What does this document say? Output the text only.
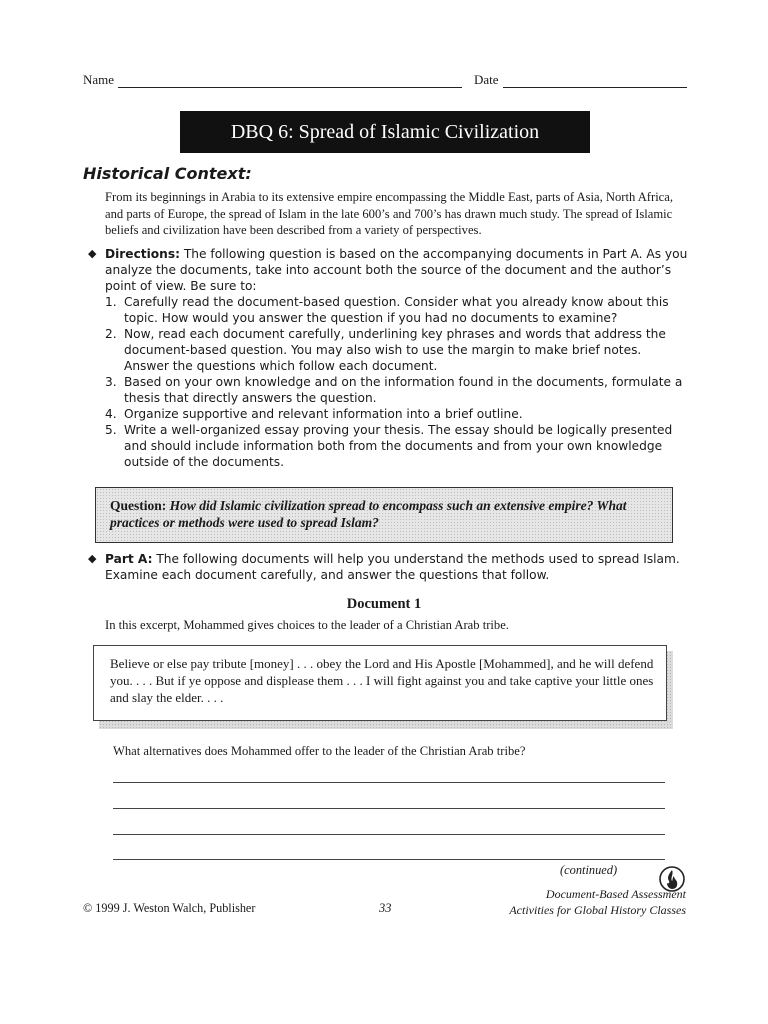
Name	Date
DBQ 6: Spread of Islamic Civilization
Historical Context:
From its beginnings in Arabia to its extensive empire encompassing the Middle East, parts of Asia, North Africa, and parts of Europe, the spread of Islam in the late 600’s and 700’s has drawn much study. The spread of Islamic beliefs and civilization have been described from a variety of perspectives.
◆ Directions: The following question is based on the accompanying documents in Part A. As you analyze the documents, take into account both the source of the document and the author’s point of view. Be sure to:
1. Carefully read the document-based question. Consider what you already know about this topic. How would you answer the question if you had no documents to examine?
2. Now, read each document carefully, underlining key phrases and words that address the document-based question. You may also wish to use the margin to make brief notes. Answer the questions which follow each document.
3. Based on your own knowledge and on the information found in the documents, formulate a thesis that directly answers the question.
4. Organize supportive and relevant information into a brief outline.
5. Write a well-organized essay proving your thesis. The essay should be logically presented and should include information both from the documents and from your own knowledge outside of the documents.
Question: How did Islamic civilization spread to encompass such an extensive empire? What practices or methods were used to spread Islam?
◆ Part A: The following documents will help you understand the methods used to spread Islam. Examine each document carefully, and answer the questions that follow.
Document 1
In this excerpt, Mohammed gives choices to the leader of a Christian Arab tribe.
Believe or else pay tribute [money] . . . obey the Lord and His Apostle [Mohammed], and he will defend you. . . . But if ye oppose and displease them . . . I will fight against you and take captive your little ones and slay the elder. . . .
What alternatives does Mohammed offer to the leader of the Christian Arab tribe?
(continued)
Document-Based Assessment
Activities for Global History Classes
© 1999 J. Weston Walch, Publisher	33
